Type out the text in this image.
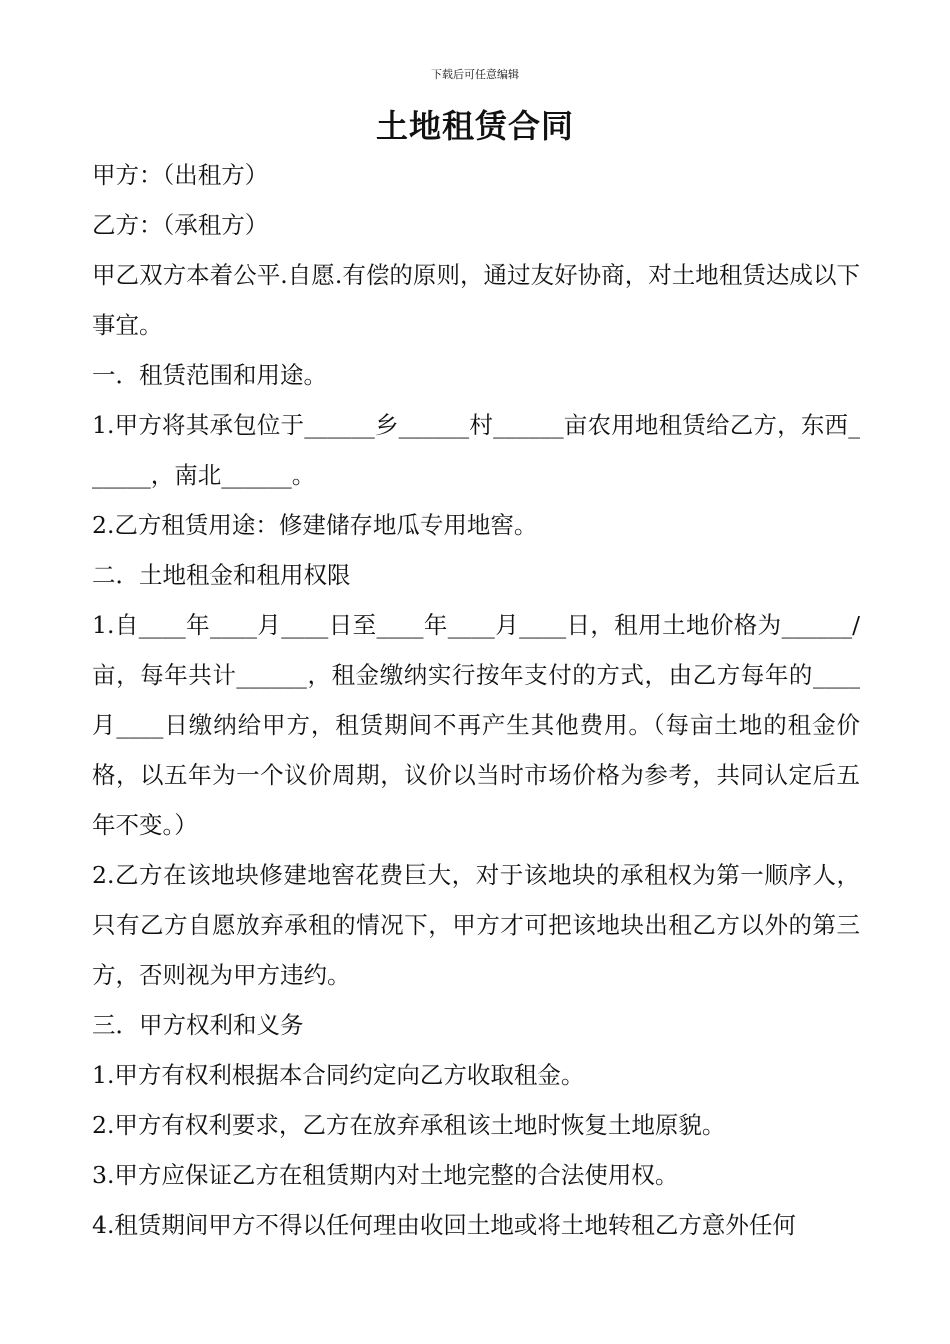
下载后可任意编辑
土地租赁合同

甲方：（出租方）

乙方：（承租方）

甲乙双方本着公平.自愿.有偿的原则，通过友好协商，对土地租赁达成以下事宜。

一．租赁范围和用途。

1.甲方将其承包位于______乡______村______亩农用地租赁给乙方，东西______，南北______。

2.乙方租赁用途：修建储存地瓜专用地窖。

二．土地租金和租用权限

1.自____年____月____日至____年____月____日，租用土地价格为______/亩，每年共计______，租金缴纳实行按年支付的方式，由乙方每年的____月____日缴纳给甲方，租赁期间不再产生其他费用。（每亩土地的租金价格，以五年为一个议价周期，议价以当时市场价格为参考，共同认定后五年不变。）

2.乙方在该地块修建地窖花费巨大，对于该地块的承租权为第一顺序人，只有乙方自愿放弃承租的情况下，甲方才可把该地块出租乙方以外的第三方，否则视为甲方违约。

三．甲方权利和义务

1.甲方有权利根据本合同约定向乙方收取租金。

2.甲方有权利要求，乙方在放弃承租该土地时恢复土地原貌。

3.甲方应保证乙方在租赁期内对土地完整的合法使用权。

4.租赁期间甲方不得以任何理由收回土地或将土地转租乙方意外任何
